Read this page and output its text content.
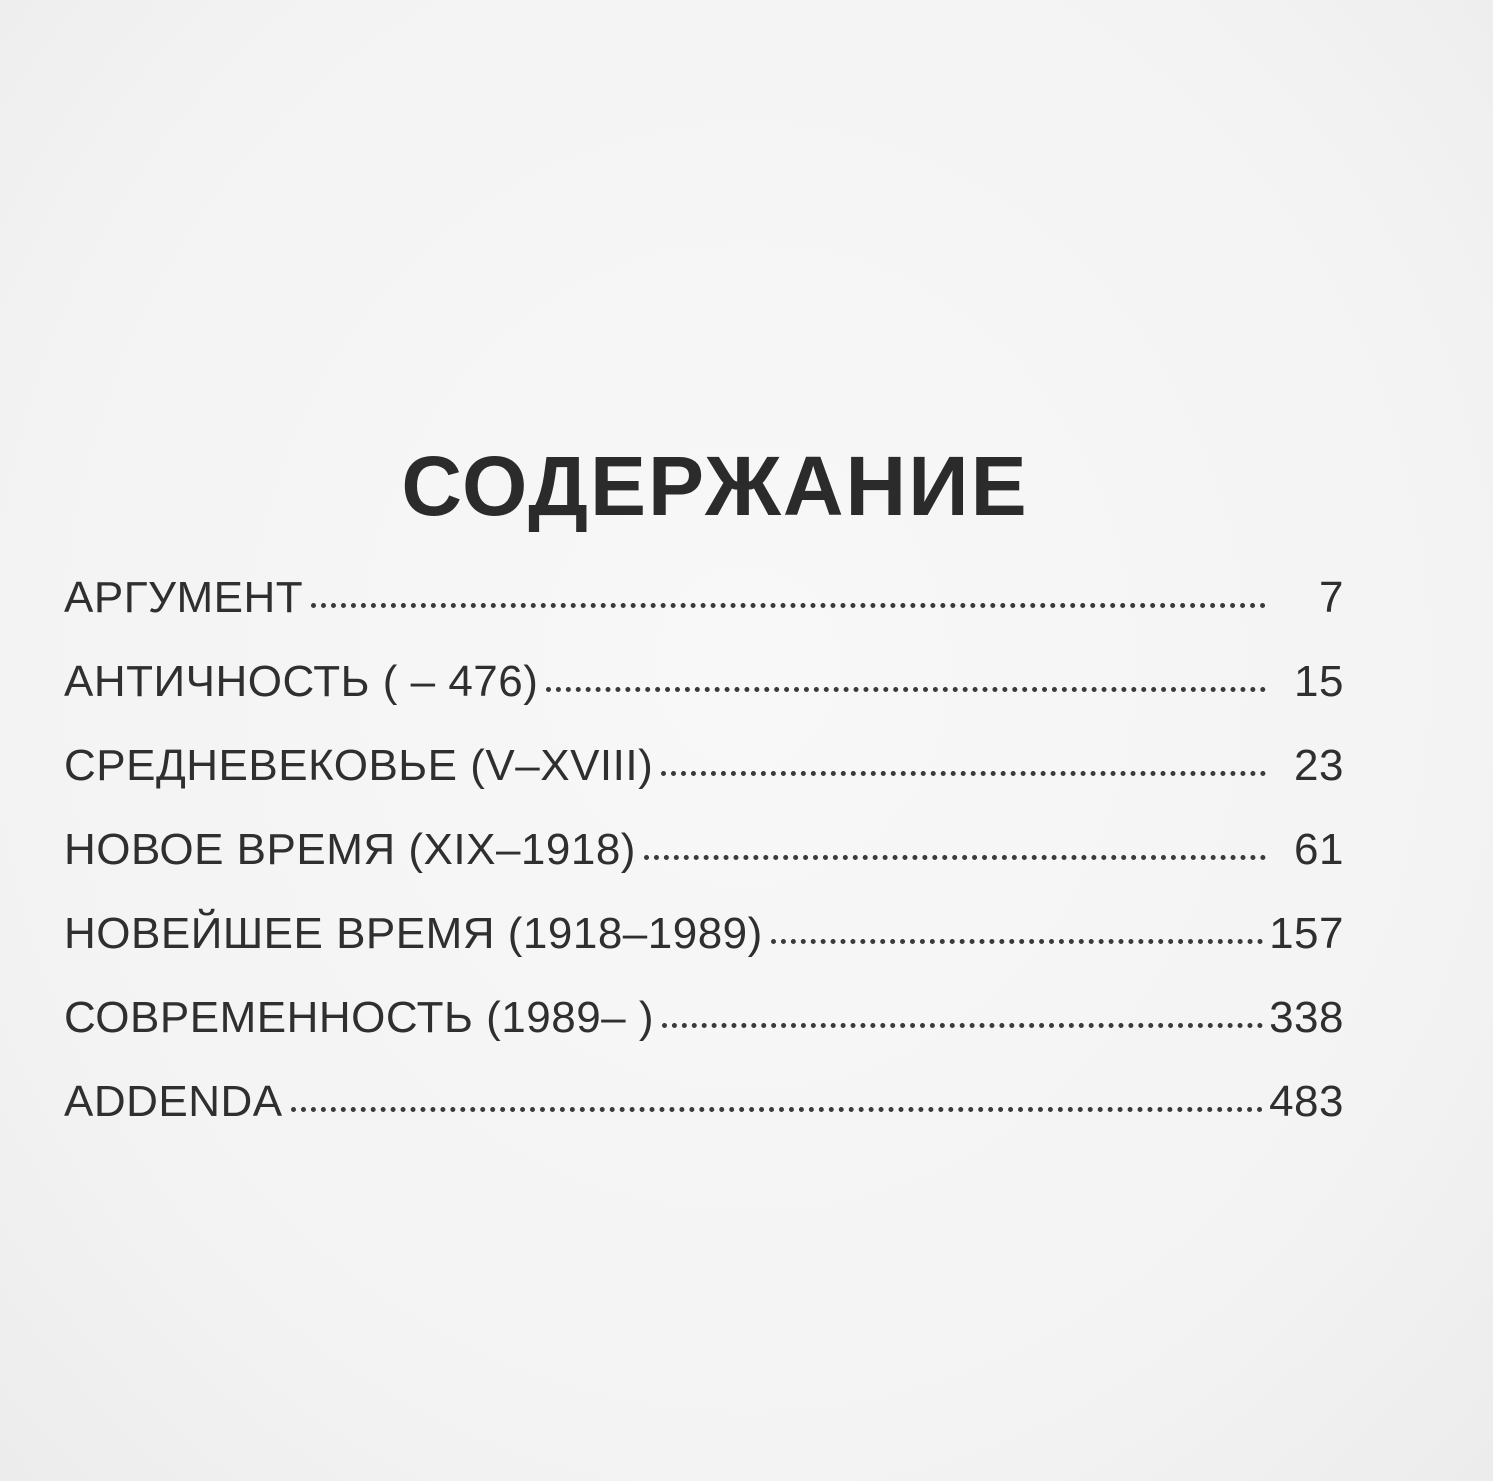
СОДЕРЖАНИЕ
АРГУМЕНТ	7
АНТИЧНОСТЬ ( – 476)	15
СРЕДНЕВЕКОВЬЕ (V–XVIII)	23
НОВОЕ ВРЕМЯ (XIX–1918)	61
НОВЕЙШЕЕ ВРЕМЯ (1918–1989)	157
СОВРЕМЕННОСТЬ (1989– )	338
ADDENDA	483
